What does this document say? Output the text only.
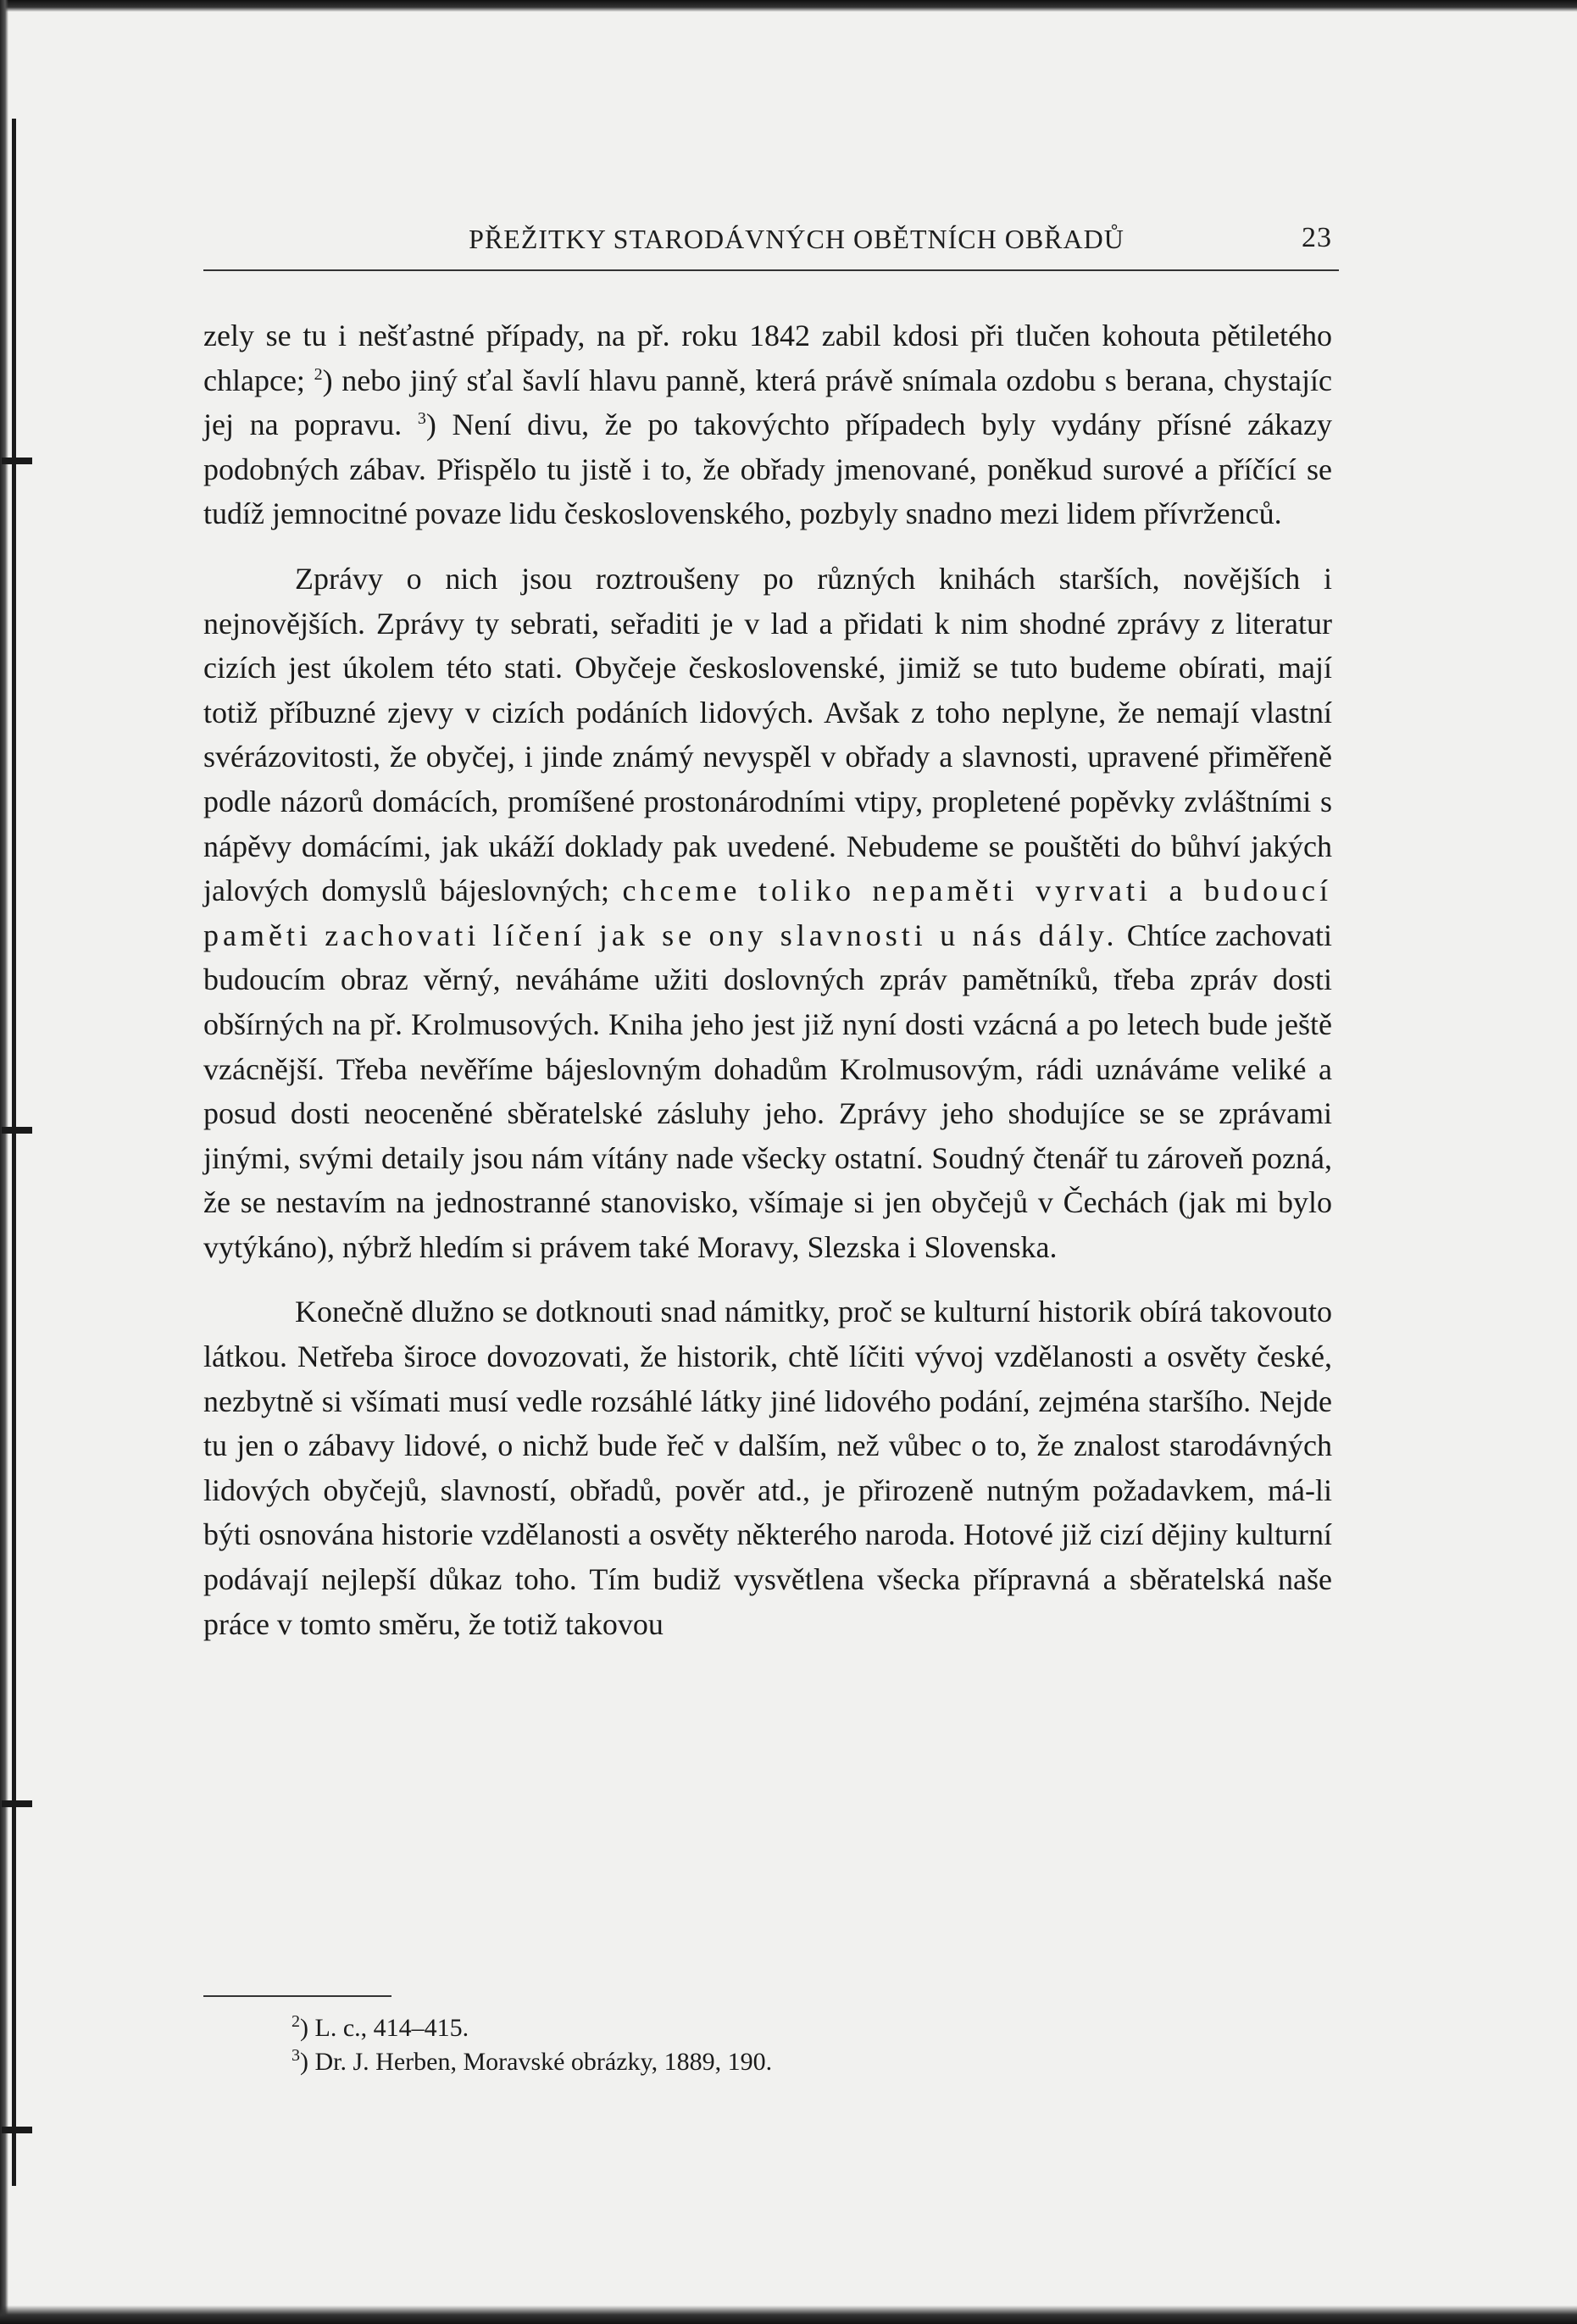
PŘEŽITKY STARODÁVNÝCH OBĚTNÍCH OBŘADŮ	23

zely se tu i nešťastné případy, na př. roku 1842 zabil kdosi při tlučen kohouta pětiletého chlapce; $^2$) nebo jiný sťal šavlí hlavu panně, která právě snímala ozdobu s berana, chystajíc jej na popravu. $^3$) Není divu, že po takovýchto případech byly vydány přísné zákazy podobných zábav. Přispělo tu jistě i to, že obřady jmenované, poněkud surové a příčící se tudíž jemnocitné povaze lidu československého, pozbyly snadno mezi lidem přívrženců.

Zprávy o nich jsou roztroušeny po různých knihách starších, novějších i nejnovějších. Zprávy ty sebrati, seřaditi je v lad a přidati k nim shodné zprávy z literatur cizích jest úkolem této stati. Obyčeje československé, jimiž se tuto budeme obírati, mají totiž příbuzné zjevy v cizích podáních lidových. Avšak z toho neplyne, že nemají vlastní svérázovitosti, že obyčej, i jinde známý nevyspěl v obřady a slavnosti, upravené přiměřeně podle názorů domácích, promíšené prostonárodními vtipy, propletené popěvky zvláštními s nápěvy domácími, jak ukáží doklady pak uvedené. Nebudeme se pouštěti do bůhví jakých jalových domyslů bájeslovných; chceme toliko nepaměti vyrvati a budoucí paměti zachovati líčení jak se ony slavnosti u nás dály. Chtíce zachovati budoucím obraz věrný, neváháme užiti doslovných zpráv pamětníků, třeba zpráv dosti obšírných na př. Krolmusových. Kniha jeho jest již nyní dosti vzácná a po letech bude ještě vzácnější. Třeba nevěříme bájeslovným dohadům Krolmusovým, rádi uznáváme veliké a posud dosti neoceněné sběratelské zásluhy jeho. Zprávy jeho shodujíce se se zprávami jinými, svými detaily jsou nám vítány nade všecky ostatní. Soudný čtenář tu zároveň pozná, že se nestavím na jednostranné stanovisko, všímaje si jen obyčejů v Čechách (jak mi bylo vytýkáno), nýbrž hledím si právem také Moravy, Slezska i Slovenska.

Konečně dlužno se dotknouti snad námitky, proč se kulturní historik obírá takovouto látkou. Netřeba široce dovozovati, že historik, chtě líčiti vývoj vzdělanosti a osvěty české, nezbytně si všímati musí vedle rozsáhlé látky jiné lidového podání, zejména staršího. Nejde tu jen o zábavy lidové, o nichž bude řeč v dalším, než vůbec o to, že znalost starodávných lidových obyčejů, slavností, obřadů, pověr atd., je přirozeně nutným požadavkem, má-li býti osnována historie vzdělanosti a osvěty některého naroda. Hotové již cizí dějiny kulturní podávají nejlepší důkaz toho. Tím budiž vysvětlena všecka přípravná a sběratelská naše práce v tomto směru, že totiž takovou

$^2$) L. c., 414–415.
$^3$) Dr. J. Herben, Moravské obrázky, 1889, 190.
